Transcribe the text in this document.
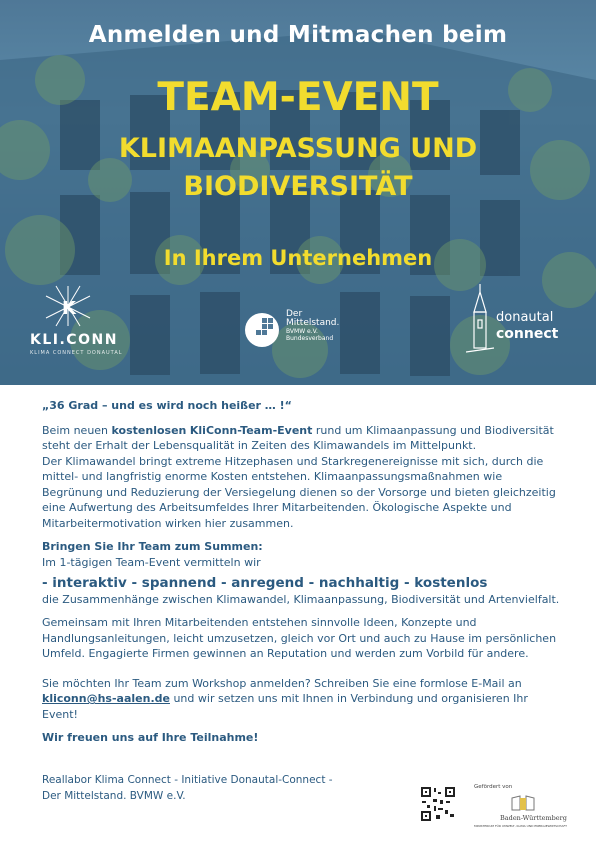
Anmelden und Mitmachen beim
TEAM-EVENT
KLIMAANPASSUNG UND
BIODIVERSITÄT
In Ihrem Unternehmen
K
KLI.CONN
KLIMA CONNECT DONAUTAL
Der
Mittelstand.
BVMW e.V.
Bundesverband
donautal
connect
„36 Grad – und es wird noch heißer … !“

Beim neuen kostenlosen KliConn-Team-Event rund um Klimaanpassung und Biodiversität steht der Erhalt der Lebensqualität in Zeiten des Klimawandels im Mittelpunkt.

Der Klimawandel bringt extreme Hitzephasen und Starkregenereignisse mit sich, durch die mittel- und langfristig enorme Kosten entstehen. Klimaanpassungsmaßnahmen wie Begrünung und Reduzierung der Versiegelung dienen so der Vorsorge und bieten gleichzeitig eine Aufwertung des Arbeitsumfeldes Ihrer Mitarbeitenden. Ökologische Aspekte und Mitarbeitermotivation wirken hier zusammen.

Bringen Sie Ihr Team zum Summen:
Im 1-tägigen Team-Event vermitteln wir
- interaktiv - spannend - anregend - nachhaltig - kostenlos

die Zusammenhänge zwischen Klimawandel, Klimaanpassung, Biodiversität und Artenvielfalt.

Gemeinsam mit Ihren Mitarbeitenden entstehen sinnvolle Ideen, Konzepte und Handlungsanleitungen, leicht umzusetzen, gleich vor Ort und auch zu Hause im persönlichen Umfeld. Engagierte Firmen gewinnen an Reputation und werden zum Vorbild für andere.

Sie möchten Ihr Team zum Workshop anmelden? Schreiben Sie eine formlose E-Mail an
kliconn@hs-aalen.de und wir setzen uns mit Ihnen in Verbindung und organisieren Ihr Event!

Wir freuen uns auf Ihre Teilnahme!
Reallabor Klima Connect - Initiative Donautal-Connect -
Der Mittelstand. BVMW e.V.
Gefördert von
Baden-Württemberg
MINISTERIUM FÜR UMWELT, KLIMA UND ENERGIEWIRTSCHAFT
